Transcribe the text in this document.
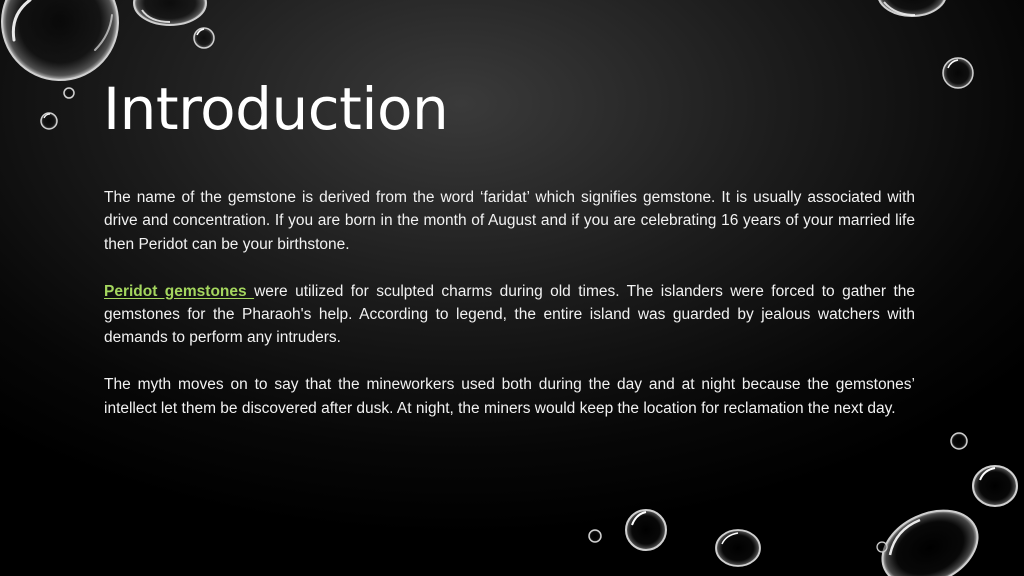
Introduction

The name of the gemstone is derived from the word ‘faridat’ which signifies gemstone. It is usually associated with drive and concentration. If you are born in the month of August and if you are celebrating 16 years of your married life then Peridot can be your birthstone.

Peridot gemstones were utilized for sculpted charms during old times. The islanders were forced to gather the gemstones for the Pharaoh's help. According to legend, the entire island was guarded by jealous watchers with demands to perform any intruders.

The myth moves on to say that the mineworkers used both during the day and at night because the gemstones’ intellect let them be discovered after dusk. At night, the miners would keep the location for reclamation the next day.
